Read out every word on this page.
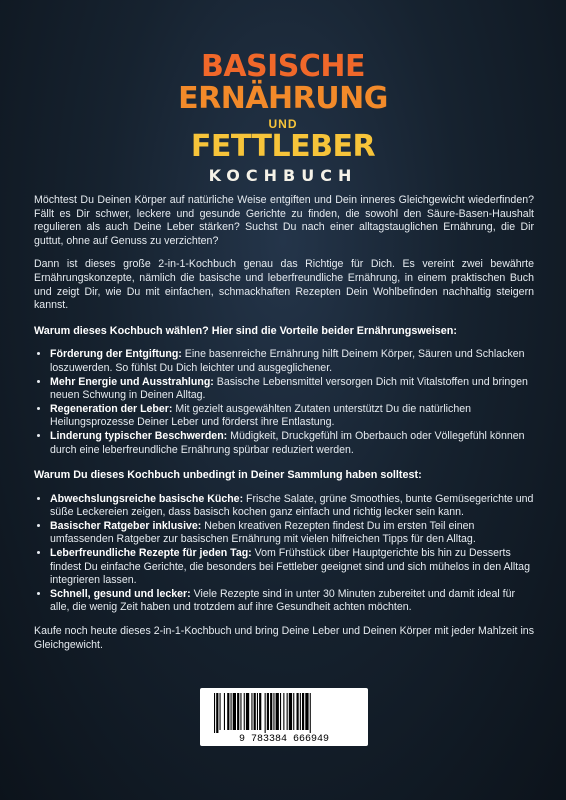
BASISCHE
ERNÄHRUNG
UND
FETTLEBER
KOCHBUCH

Möchtest Du Deinen Körper auf natürliche Weise entgiften und Dein inneres Gleichgewicht wiederfinden? Fällt es Dir schwer, leckere und gesunde Gerichte zu finden, die sowohl den Säure-Basen-Haushalt regulieren als auch Deine Leber stärken? Suchst Du nach einer alltagstauglichen Ernährung, die Dir guttut, ohne auf Genuss zu verzichten?

Dann ist dieses große 2-in-1-Kochbuch genau das Richtige für Dich. Es vereint zwei bewährte Ernährungskonzepte, nämlich die basische und leberfreundliche Ernährung, in einem praktischen Buch und zeigt Dir, wie Du mit einfachen, schmackhaften Rezepten Dein Wohlbefinden nachhaltig steigern kannst.

Warum dieses Kochbuch wählen? Hier sind die Vorteile beider Ernährungsweisen:
• Förderung der Entgiftung: Eine basenreiche Ernährung hilft Deinem Körper, Säuren und Schlacken loszuwerden. So fühlst Du Dich leichter und ausgeglichener.
• Mehr Energie und Ausstrahlung: Basische Lebensmittel versorgen Dich mit Vitalstoffen und bringen neuen Schwung in Deinen Alltag.
• Regeneration der Leber: Mit gezielt ausgewählten Zutaten unterstützt Du die natürlichen Heilungsprozesse Deiner Leber und förderst ihre Entlastung.
• Linderung typischer Beschwerden: Müdigkeit, Druckgefühl im Oberbauch oder Völlegefühl können durch eine leberfreundliche Ernährung spürbar reduziert werden.
Warum Du dieses Kochbuch unbedingt in Deiner Sammlung haben solltest:
• Abwechslungsreiche basische Küche: Frische Salate, grüne Smoothies, bunte Gemüsegerichte und süße Leckereien zeigen, dass basisch kochen ganz einfach und richtig lecker sein kann.
• Basischer Ratgeber inklusive: Neben kreativen Rezepten findest Du im ersten Teil einen umfassenden Ratgeber zur basischen Ernährung mit vielen hilfreichen Tipps für den Alltag.
• Leberfreundliche Rezepte für jeden Tag: Vom Frühstück über Hauptgerichte bis hin zu Desserts findest Du einfache Gerichte, die besonders bei Fettleber geeignet sind und sich mühelos in den Alltag integrieren lassen.
• Schnell, gesund und lecker: Viele Rezepte sind in unter 30 Minuten zubereitet und damit ideal für alle, die wenig Zeit haben und trotzdem auf ihre Gesundheit achten möchten.

Kaufe noch heute dieses 2-in-1-Kochbuch und bring Deine Leber und Deinen Körper mit jeder Mahlzeit ins Gleichgewicht.

9 783384 666949
